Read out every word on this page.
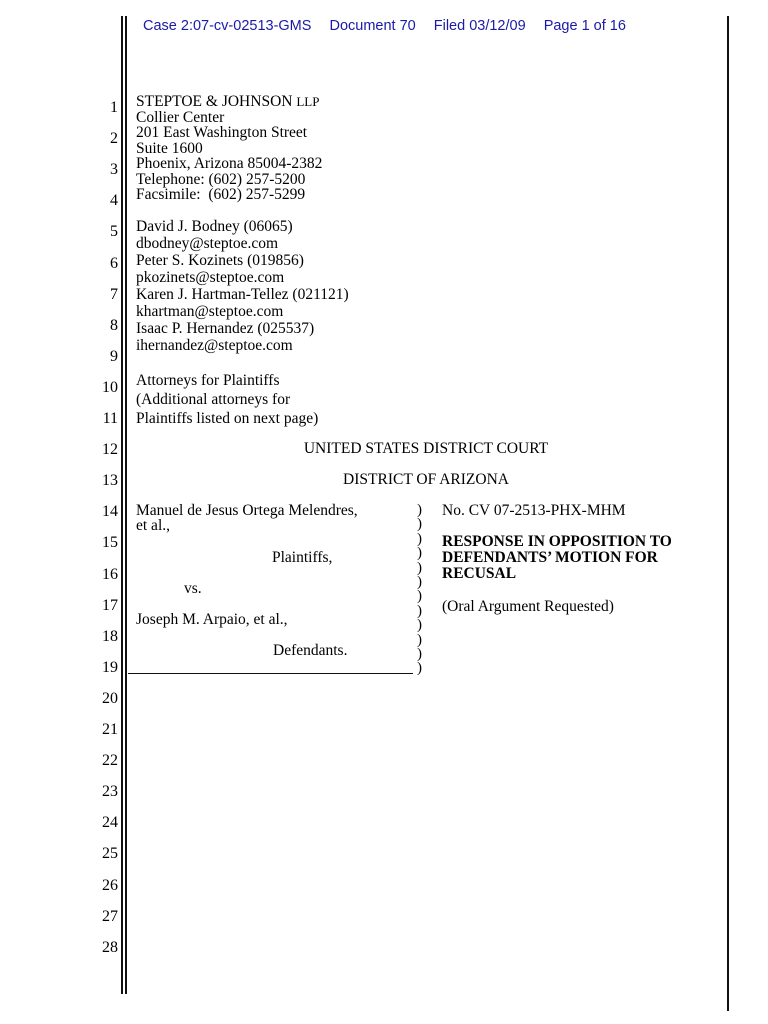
Case 2:07-cv-02513-GMS Document 70 Filed 03/12/09 Page 1 of 16
1
2
3
4
5
6
7
8
9
10
11
12
13
14
15
16
17
18
19
20
21
22
23
24
25
26
27
28
STEPTOE & JOHNSON LLP
Collier Center
201 East Washington Street
Suite 1600
Phoenix, Arizona 85004-2382
Telephone: (602) 257-5200
Facsimile:  (602) 257-5299
David J. Bodney (06065)
dbodney@steptoe.com
Peter S. Kozinets (019856)
pkozinets@steptoe.com
Karen J. Hartman-Tellez (021121)
khartman@steptoe.com
Isaac P. Hernandez (025537)
ihernandez@steptoe.com
Attorneys for Plaintiffs
(Additional attorneys for
Plaintiffs listed on next page)
UNITED STATES DISTRICT COURT
DISTRICT OF ARIZONA
Manuel de Jesus Ortega Melendres,
et al.,
Plaintiffs,
vs.
Joseph M. Arpaio, et al.,
Defendants.
)
)
)
)
)
)
)
)
)
)
)
)
No. CV 07-2513-PHX-MHM
RESPONSE IN OPPOSITION TO
DEFENDANTS’ MOTION FOR
RECUSAL
(Oral Argument Requested)
